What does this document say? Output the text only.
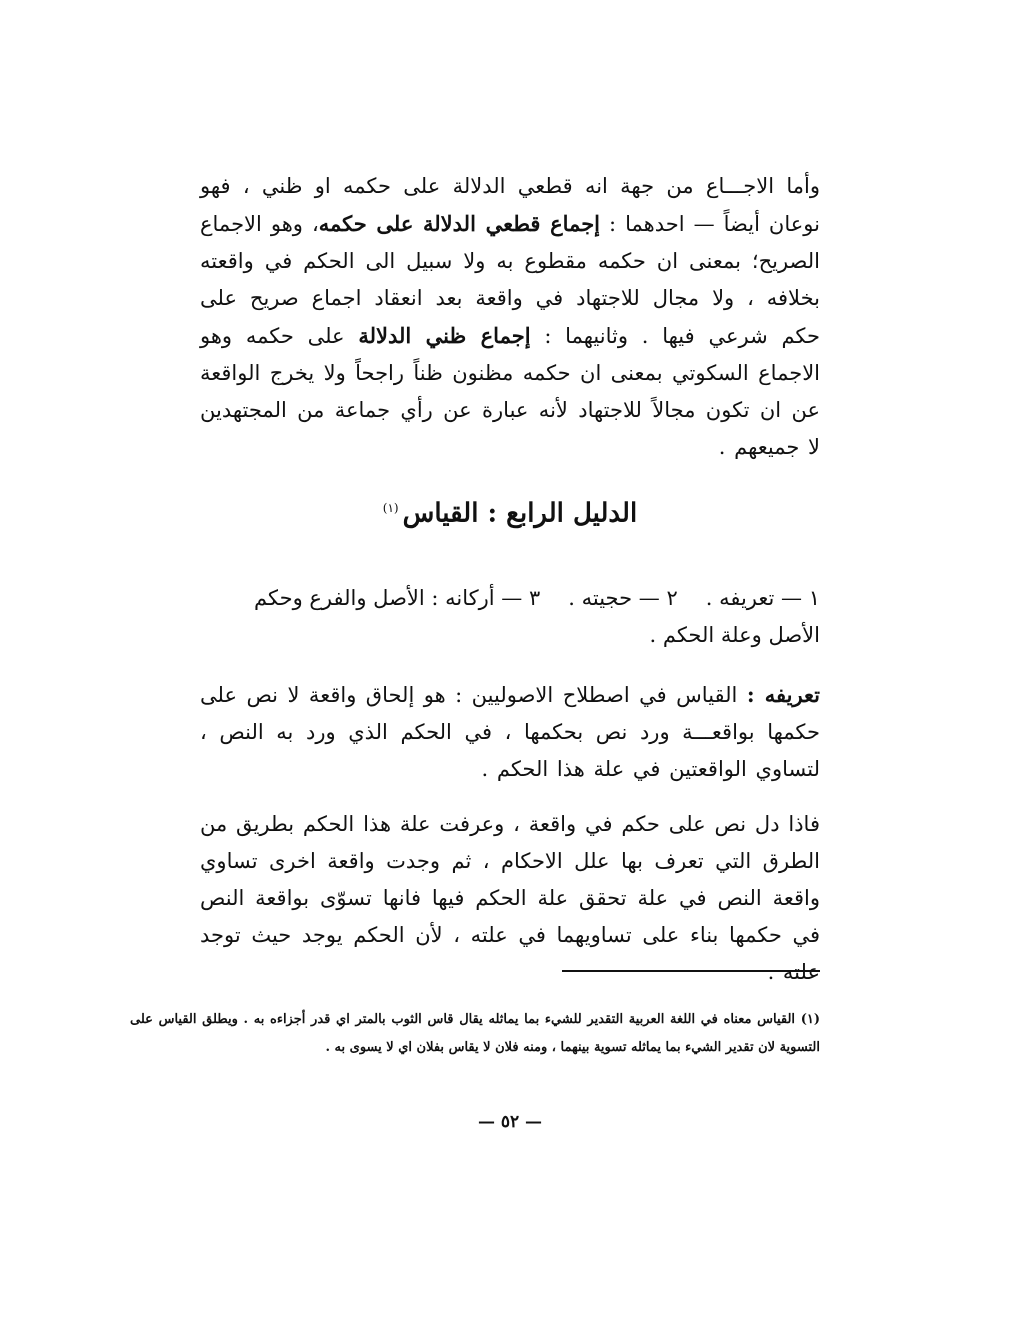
وأما الاجـــاع من جهة انه قطعي الدلالة على حكمه او ظني ، فهو نوعان أيضاً — احدهما : إجماع قطعي الدلالة على حكمه، وهو الاجماع الصريح؛ بمعنى ان حكمه مقطوع به ولا سبيل الى الحكم في واقعته بخلافه ، ولا مجال للاجتهاد في واقعة بعد انعقاد اجماع صريح على حكم شرعي فيها . وثانيهما : إجماع ظني الدلالة على حكمه وهو الاجماع السكوتي بمعنى ان حكمه مظنون ظناً راجحاً ولا يخرج الواقعة عن ان تكون مجالاً للاجتهاد لأنه عبارة عن رأي جماعة من المجتهدين لا جميعهم .

الدليل الرابع : القياس$^{(١)}$

١ — تعريفه .٢ — حجيته .٣ — أركانه : الأصل والفرع وحكم

الأصل وعلة الحكم .

تعريفه : القياس في اصطلاح الاصوليين : هو إلحاق واقعة لا نص على حكمها بواقعـــة ورد نص بحكمها ، في الحكم الذي ورد به النص ، لتساوي الواقعتين في علة هذا الحكم .

فاذا دل نص على حكم في واقعة ، وعرفت علة هذا الحكم بطريق من الطرق التي تعرف بها علل الاحكام ، ثم وجدت واقعة اخرى تساوي واقعة النص في علة تحقق علة الحكم فيها فانها تسوّى بواقعة النص في حكمها بناء على تساويهما في علته ، لأن الحكم يوجد حيث توجد علته .

(١) القياس معناه في اللغة العربية التقدير للشيء بما يماثله يقال قاس الثوب بالمتر اي قدر أجزاءه به . ويطلق القياس على التسوية لان تقدير الشيء بما يماثله تسوية بينهما ، ومنه فلان لا يقاس بفلان اي لا يسوى به .

— ٥٢ —
